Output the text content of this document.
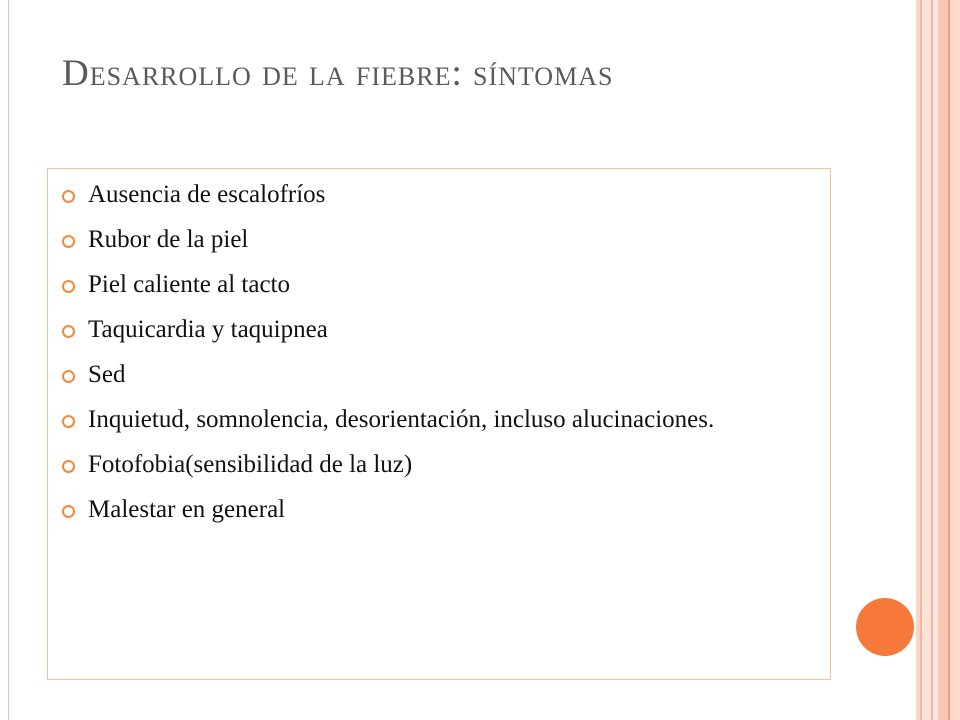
Desarrollo de la fiebre: síntomas
Ausencia de escalofríos
Rubor de la piel
Piel caliente al tacto
Taquicardia y taquipnea
Sed
Inquietud, somnolencia, desorientación, incluso alucinaciones.
Fotofobia(sensibilidad de la luz)
Malestar en general
